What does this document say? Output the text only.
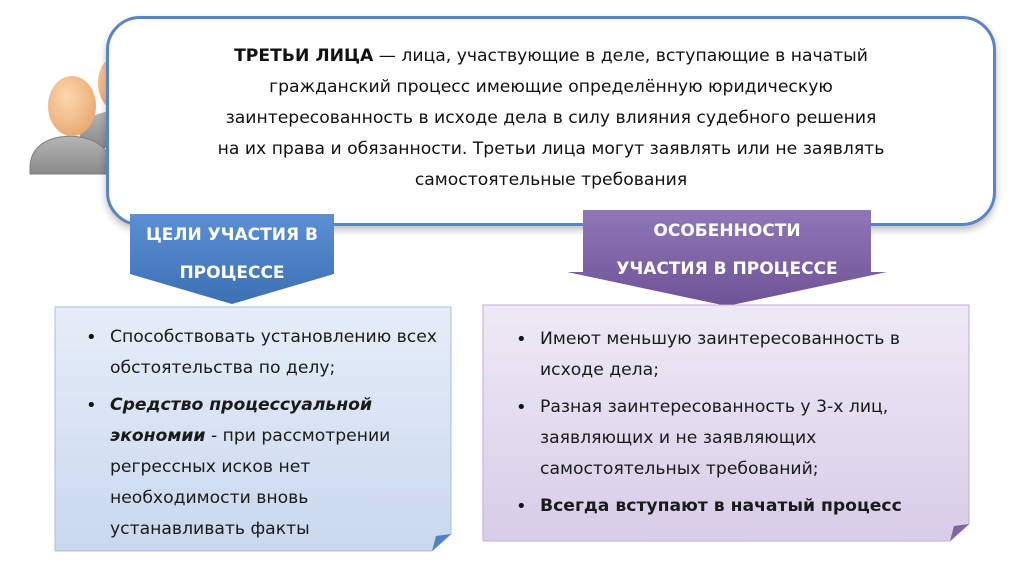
ТРЕТЬИ ЛИЦА — лица, участвующие в деле, вступающие в начатый
гражданский процесс имеющие определённую юридическую
заинтересованность в исходе дела в силу влияния судебного решения
на их права и обязанности. Третьи лица могут заявлять или не заявлять
самостоятельные требования
ЦЕЛИ УЧАСТИЯ В
ПРОЦЕССЕ
ОСОБЕННОСТИ
УЧАСТИЯ В ПРОЦЕССЕ
• Способствовать установлению всех обстоятельства по делу;
• Средство процессуальной экономии - при рассмотрении регрессных исков нет необходимости вновь устанавливать факты
• Имеют меньшую заинтересованность в исходе дела;
• Разная заинтересованность у 3-х лиц, заявляющих и не заявляющих самостоятельных требований;
• Всегда вступают в начатый процесс
